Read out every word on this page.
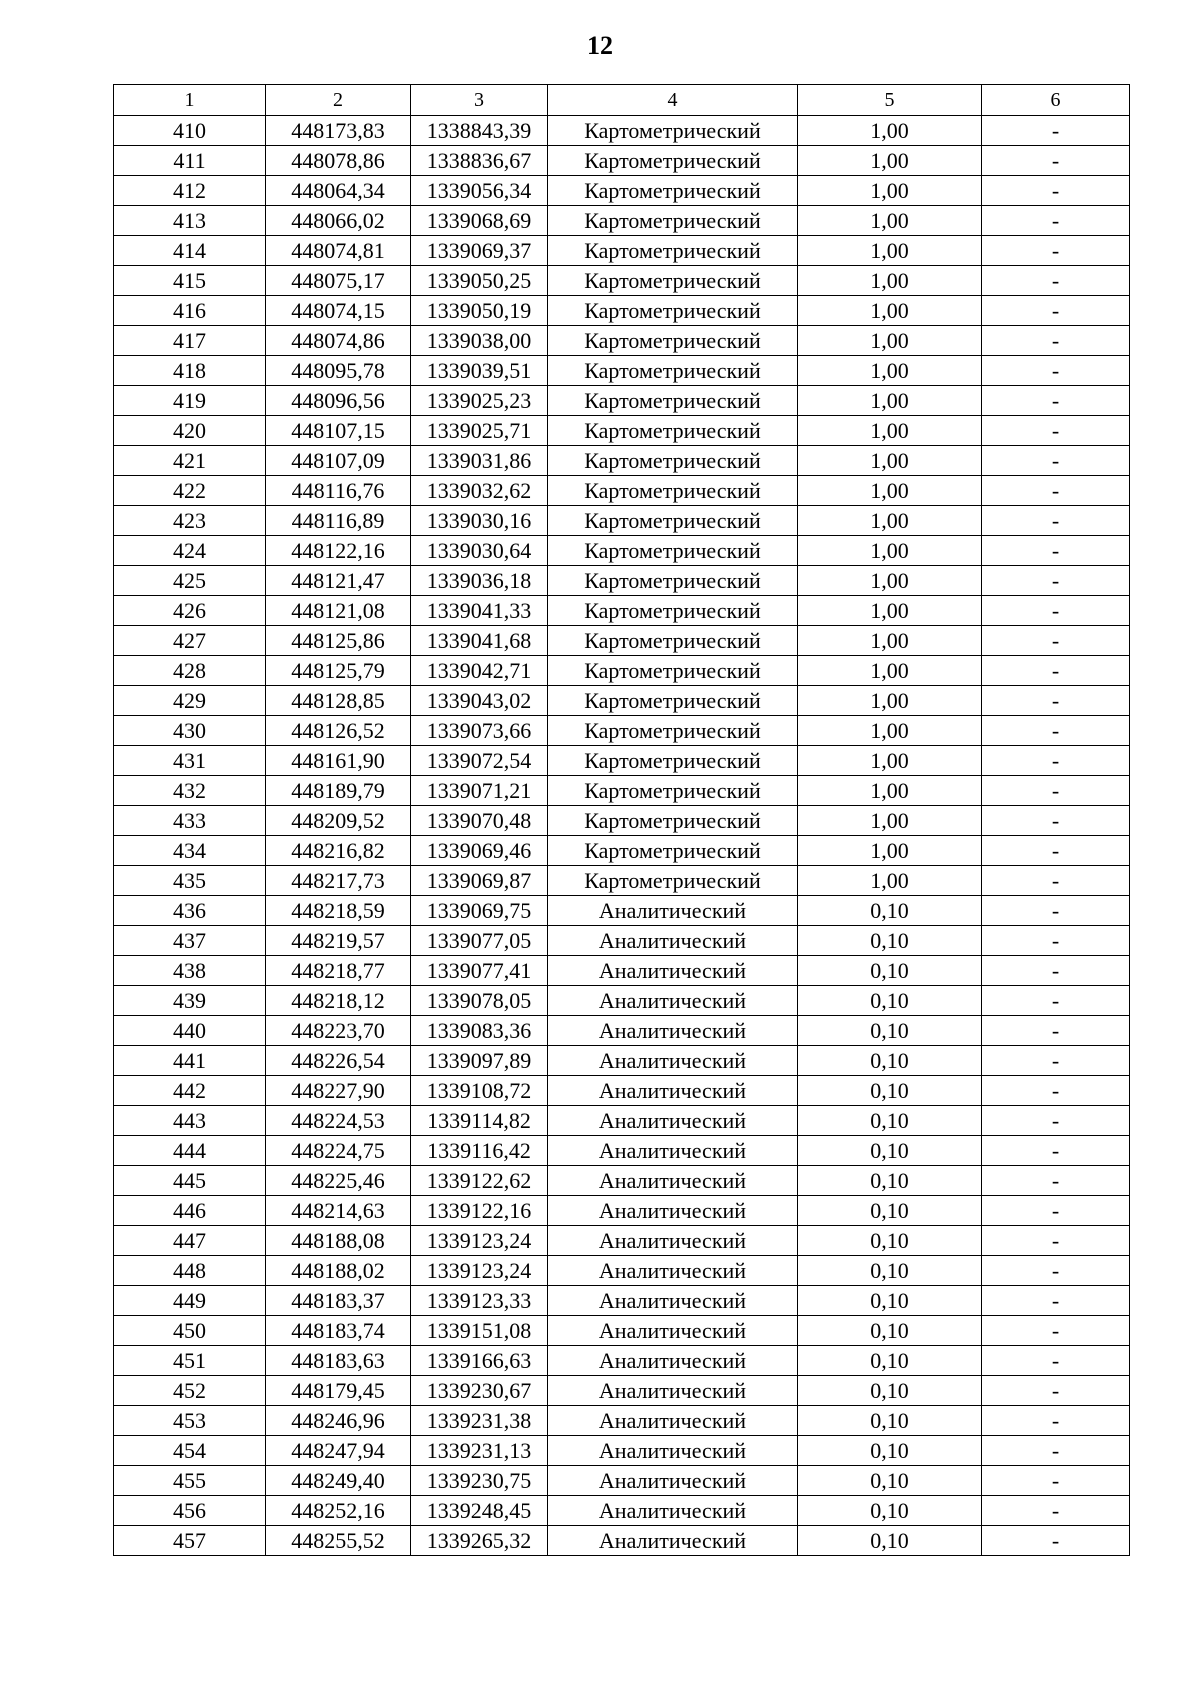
12
1	2	3	4	5	6
410	448173,83	1338843,39	Картометрический	1,00	-
411	448078,86	1338836,67	Картометрический	1,00	-
412	448064,34	1339056,34	Картометрический	1,00	-
413	448066,02	1339068,69	Картометрический	1,00	-
414	448074,81	1339069,37	Картометрический	1,00	-
415	448075,17	1339050,25	Картометрический	1,00	-
416	448074,15	1339050,19	Картометрический	1,00	-
417	448074,86	1339038,00	Картометрический	1,00	-
418	448095,78	1339039,51	Картометрический	1,00	-
419	448096,56	1339025,23	Картометрический	1,00	-
420	448107,15	1339025,71	Картометрический	1,00	-
421	448107,09	1339031,86	Картометрический	1,00	-
422	448116,76	1339032,62	Картометрический	1,00	-
423	448116,89	1339030,16	Картометрический	1,00	-
424	448122,16	1339030,64	Картометрический	1,00	-
425	448121,47	1339036,18	Картометрический	1,00	-
426	448121,08	1339041,33	Картометрический	1,00	-
427	448125,86	1339041,68	Картометрический	1,00	-
428	448125,79	1339042,71	Картометрический	1,00	-
429	448128,85	1339043,02	Картометрический	1,00	-
430	448126,52	1339073,66	Картометрический	1,00	-
431	448161,90	1339072,54	Картометрический	1,00	-
432	448189,79	1339071,21	Картометрический	1,00	-
433	448209,52	1339070,48	Картометрический	1,00	-
434	448216,82	1339069,46	Картометрический	1,00	-
435	448217,73	1339069,87	Картометрический	1,00	-
436	448218,59	1339069,75	Аналитический	0,10	-
437	448219,57	1339077,05	Аналитический	0,10	-
438	448218,77	1339077,41	Аналитический	0,10	-
439	448218,12	1339078,05	Аналитический	0,10	-
440	448223,70	1339083,36	Аналитический	0,10	-
441	448226,54	1339097,89	Аналитический	0,10	-
442	448227,90	1339108,72	Аналитический	0,10	-
443	448224,53	1339114,82	Аналитический	0,10	-
444	448224,75	1339116,42	Аналитический	0,10	-
445	448225,46	1339122,62	Аналитический	0,10	-
446	448214,63	1339122,16	Аналитический	0,10	-
447	448188,08	1339123,24	Аналитический	0,10	-
448	448188,02	1339123,24	Аналитический	0,10	-
449	448183,37	1339123,33	Аналитический	0,10	-
450	448183,74	1339151,08	Аналитический	0,10	-
451	448183,63	1339166,63	Аналитический	0,10	-
452	448179,45	1339230,67	Аналитический	0,10	-
453	448246,96	1339231,38	Аналитический	0,10	-
454	448247,94	1339231,13	Аналитический	0,10	-
455	448249,40	1339230,75	Аналитический	0,10	-
456	448252,16	1339248,45	Аналитический	0,10	-
457	448255,52	1339265,32	Аналитический	0,10	-
